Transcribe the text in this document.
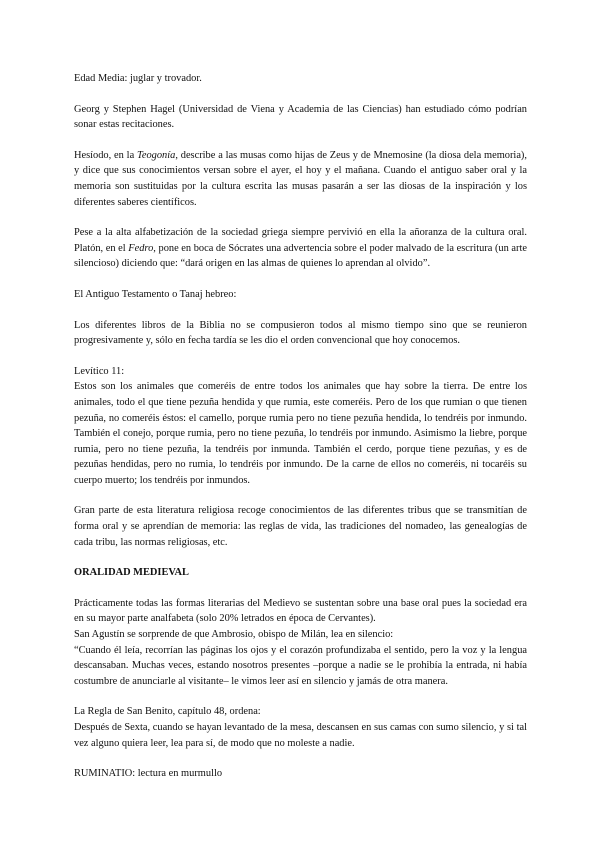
Edad Media: juglar y trovador.

Georg y Stephen Hagel (Universidad de Viena y Academia de las Ciencias) han estudiado cómo podrían sonar estas recitaciones.

Hesíodo, en la Teogonía, describe a las musas como hijas de Zeus y de Mnemosine (la diosa dela memoria), y dice que sus conocimientos versan sobre el ayer, el hoy y el mañana. Cuando el antiguo saber oral y la memoria son sustituidas por la cultura escrita las musas pasarán a ser las diosas de la inspiración y los diferentes saberes científicos.

Pese a la alta alfabetización de la sociedad griega siempre pervivió en ella la añoranza de la cultura oral. Platón, en el Fedro, pone en boca de Sócrates una advertencia sobre el poder malvado de la escritura (un arte silencioso) diciendo que: “dará origen en las almas de quienes lo aprendan al olvido”.

El Antiguo Testamento o Tanaj hebreo:

Los diferentes libros de la Biblia no se compusieron todos al mismo tiempo sino que se reunieron progresivamente y, sólo en fecha tardía se les dio el orden convencional que hoy conocemos.

Levítico 11:

Estos son los animales que comeréis de entre todos los animales que hay sobre la tierra. De entre los animales, todo el que tiene pezuña hendida y que rumia, este comeréis. Pero de los que rumian o que tienen pezuña, no comeréis éstos: el camello, porque rumia pero no tiene pezuña hendida, lo tendréis por inmundo. También el conejo, porque rumia, pero no tiene pezuña, lo tendréis por inmundo. Asimismo la liebre, porque rumia, pero no tiene pezuña, la tendréis por inmunda. También el cerdo, porque tiene pezuñas, y es de pezuñas hendidas, pero no rumia, lo tendréis por inmundo. De la carne de ellos no comeréis, ni tocaréis su cuerpo muerto; los tendréis por inmundos.

Gran parte de esta literatura religiosa recoge conocimientos de las diferentes tribus que se transmitían de forma oral y se aprendían de memoria: las reglas de vida, las tradiciones del nomadeo, las genealogías de cada tribu, las normas religiosas, etc.

ORALIDAD MEDIEVAL

Prácticamente todas las formas literarias del Medievo se sustentan sobre una base oral pues la sociedad era en su mayor parte analfabeta (solo 20% letrados en época de Cervantes).

San Agustín se sorprende de que Ambrosio, obispo de Milán, lea en silencio:

“Cuando él leía, recorrían las páginas los ojos y el corazón profundizaba el sentido, pero la voz y la lengua descansaban. Muchas veces, estando nosotros presentes –porque a nadie se le prohibía la entrada, ni había costumbre de anunciarle al visitante– le vimos leer así en silencio y jamás de otra manera.

La Regla de San Benito, capítulo 48, ordena:

Después de Sexta, cuando se hayan levantado de la mesa, descansen en sus camas con sumo silencio, y si tal vez alguno quiera leer, lea para sí, de modo que no moleste a nadie.

RUMINATIO: lectura en murmullo
